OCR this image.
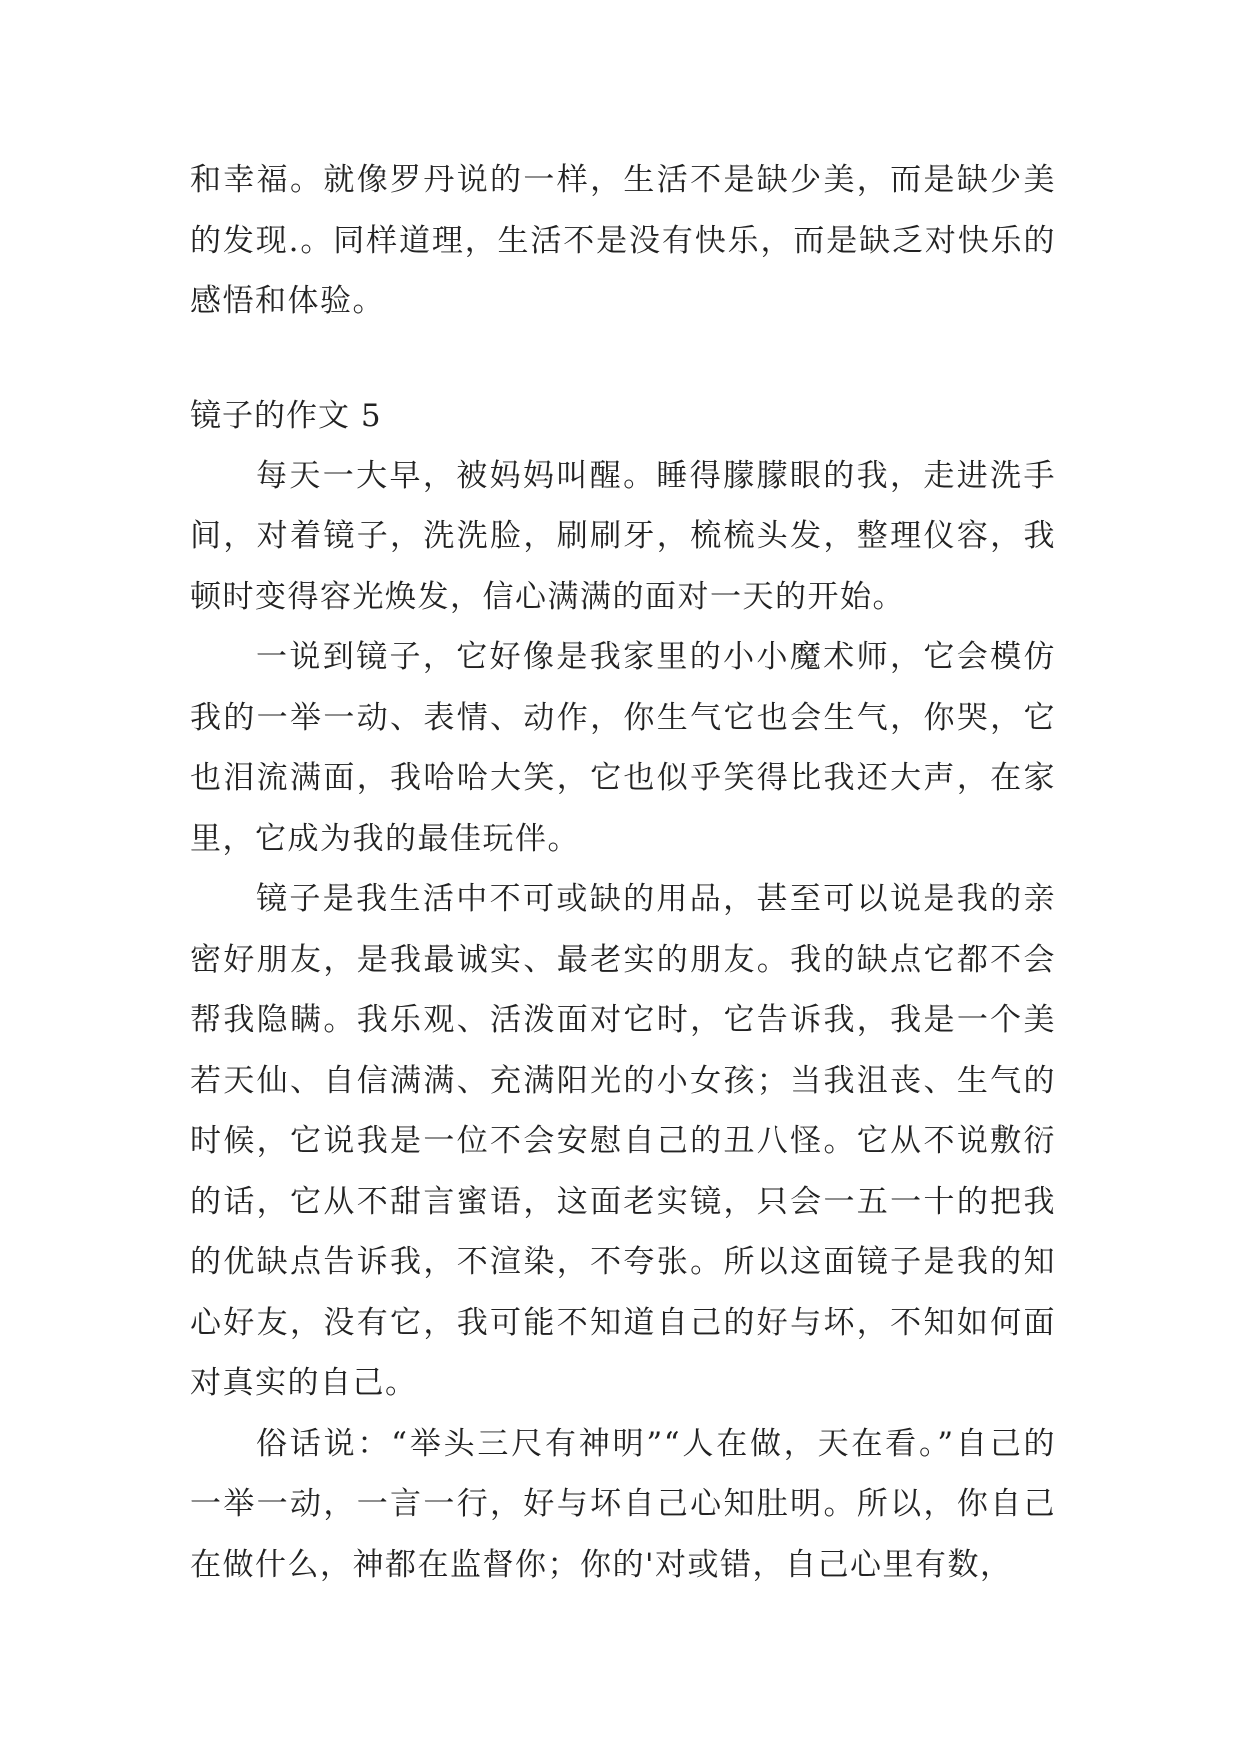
和幸福。就像罗丹说的一样，生活不是缺少美，而是缺少美的发现.。同样道理，生活不是没有快乐，而是缺乏对快乐的感悟和体验。

镜子的作文 5

每天一大早，被妈妈叫醒。睡得朦朦眼的我，走进洗手间，对着镜子，洗洗脸，刷刷牙，梳梳头发，整理仪容，我顿时变得容光焕发，信心满满的面对一天的开始。

一说到镜子，它好像是我家里的小小魔术师，它会模仿我的一举一动、表情、动作，你生气它也会生气，你哭，它也泪流满面，我哈哈大笑，它也似乎笑得比我还大声，在家里，它成为我的最佳玩伴。

镜子是我生活中不可或缺的用品，甚至可以说是我的亲密好朋友，是我最诚实、最老实的朋友。我的缺点它都不会帮我隐瞒。我乐观、活泼面对它时，它告诉我，我是一个美若天仙、自信满满、充满阳光的小女孩；当我沮丧、生气的时候，它说我是一位不会安慰自己的丑八怪。它从不说敷衍的话，它从不甜言蜜语，这面老实镜，只会一五一十的把我的优缺点告诉我，不渲染，不夸张。所以这面镜子是我的知心好友，没有它，我可能不知道自己的好与坏，不知如何面对真实的自己。

俗话说：“举头三尺有神明”“人在做，天在看。”自己的一举一动，一言一行，好与坏自己心知肚明。所以，你自己在做什么，神都在监督你；你的'对或错，自己心里有数，
